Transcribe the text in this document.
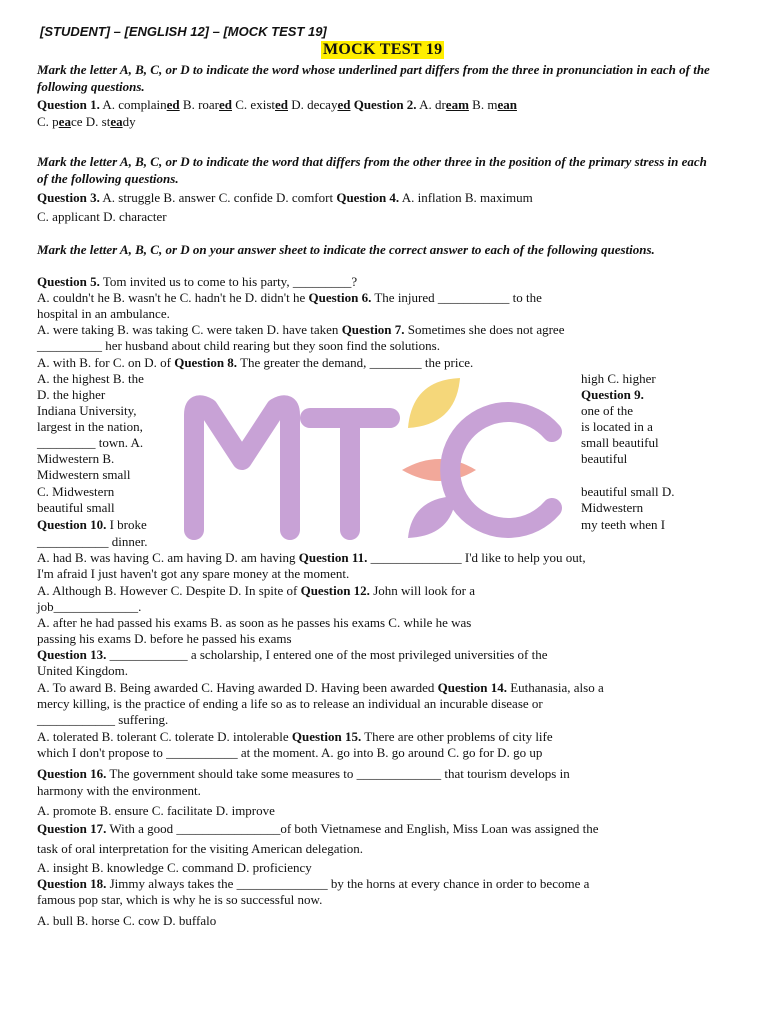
[STUDENT] – [ENGLISH 12] – [MOCK TEST 19]
MOCK TEST 19
MTEC
Mark the letter A, B, C, or D to indicate the word whose underlined part differs from the three in pronunciation in each of the following questions.
Question 1. A. complained B. roared C. existed D. decayed Question 2. A. dream B. mean
C. peace D. steady
Mark the letter A, B, C, or D to indicate the word that differs from the other three in the position of the primary stress in each of the following questions.
Question 3. A. struggle B. answer C. confide D. comfort Question 4. A. inflation B. maximum
C. applicant D. character
Mark the letter A, B, C, or D on your answer sheet to indicate the correct answer to each of the following questions.
Question 5. Tom invited us to come to his party, _________?
A. couldn't he B. wasn't he C. hadn't he D. didn't he Question 6. The injured ___________ to the
hospital in an ambulance.
A. were taking B. was taking C. were taken D. have taken Question 7. Sometimes she does not agree
__________ her husband about child rearing but they soon find the solutions.
A. with B. for C. on D. of Question 8. The greater the demand, ________ the price.
A. the highest B. the
D. the higher
Indiana University,
largest in the nation,
_________ town. A.
Midwestern B.
Midwestern small
C. Midwestern
beautiful small
high C. higher
Question 9.
one of the
is located in a
small beautiful
beautiful
Midwestern
beautiful small D.
Question 10. I broke	my teeth when I
___________ dinner.
A. had B. was having C. am having D. am having Question 11. ______________ I'd like to help you out,
I'm afraid I just haven't got any spare money at the moment.
A. Although B. However C. Despite D. In spite of Question 12. John will look for a
job_____________.
A. after he had passed his exams B. as soon as he passes his exams C. while he was
passing his exams D. before he passed his exams
Question 13. ____________ a scholarship, I entered one of the most privileged universities of the
United Kingdom.
A. To award B. Being awarded C. Having awarded D. Having been awarded Question 14. Euthanasia, also a
mercy killing, is the practice of ending a life so as to release an individual an incurable disease or
____________ suffering.
A. tolerated B. tolerant C. tolerate D. intolerable Question 15. There are other problems of city life
which I don't propose to ___________ at the moment. A. go into B. go around C. go for D. go up
Question 16. The government should take some measures to _____________ that tourism develops in
harmony with the environment.
A. promote B. ensure C. facilitate D. improve
Question 17. With a good ________________of both Vietnamese and English, Miss Loan was assigned the
task of oral interpretation for the visiting American delegation.
A. insight B. knowledge C. command D. proficiency
Question 18. Jimmy always takes the ______________ by the horns at every chance in order to become a
famous pop star, which is why he is so successful now.
A. bull B. horse C. cow D. buffalo
